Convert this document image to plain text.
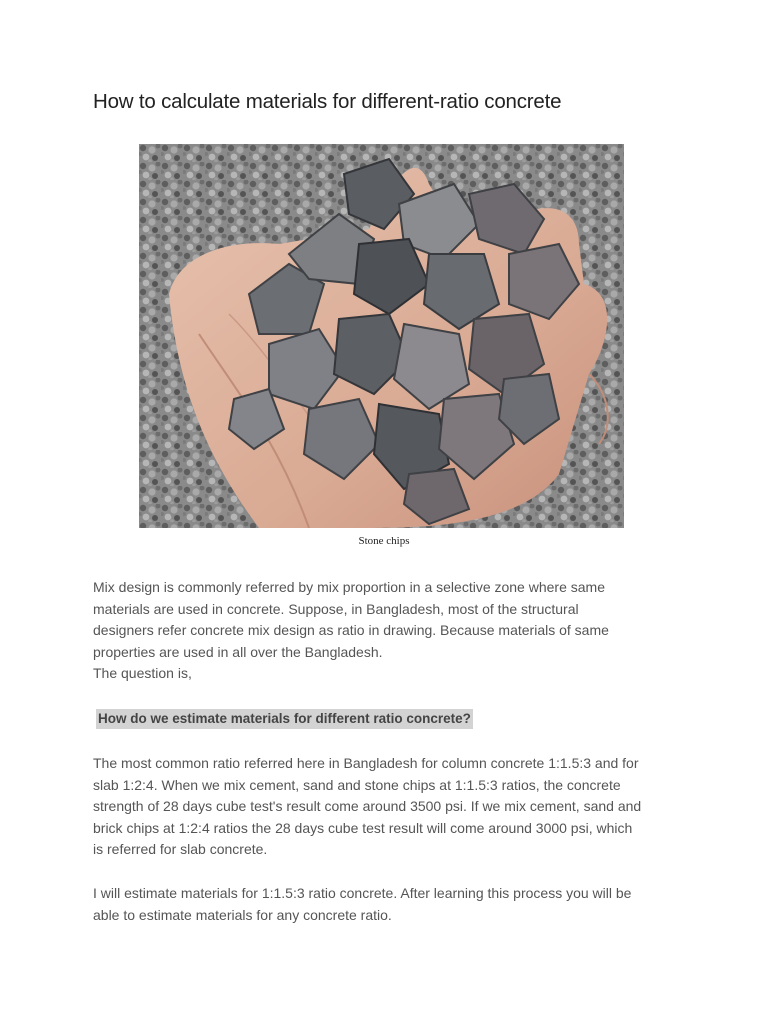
How to calculate materials for different-ratio concrete
Stone chips
Mix design is commonly referred by mix proportion in a selective zone where same
materials are used in concrete. Suppose, in Bangladesh, most of the structural
designers refer concrete mix design as ratio in drawing. Because materials of same
properties are used in all over the Bangladesh.
The question is,
How do we estimate materials for different ratio concrete?
The most common ratio referred here in Bangladesh for column concrete 1:1.5:3 and for
slab 1:2:4. When we mix cement, sand and stone chips at 1:1.5:3 ratios, the concrete
strength of 28 days cube test's result come around 3500 psi. If we mix cement, sand and
brick chips at 1:2:4 ratios the 28 days cube test result will come around 3000 psi, which
is referred for slab concrete.
I will estimate materials for 1:1.5:3 ratio concrete. After learning this process you will be
able to estimate materials for any concrete ratio.
